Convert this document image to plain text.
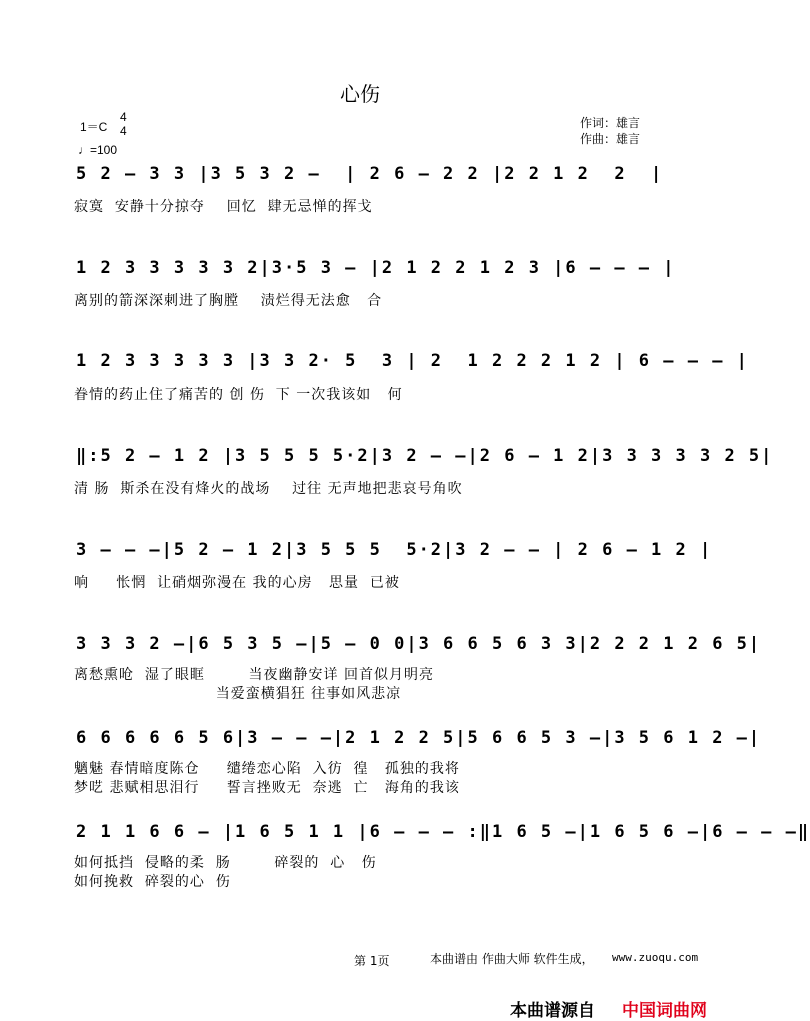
心伤
1＝C
4
4
♩=100
作词：雄言
作曲：雄言
5 2 – 3 3 |3 5 3 2 –  | 2 6 – 2 2 |2 2 1 2  2  |
寂寞  安静十分掠夺    回忆  肆无忌惮的挥戈
1 2 3 3 3 3 3 2|3·5 3 – |2 1 2 2 1 2 3 |6 – – – |
离别的箭深深刺进了胸膛    渍烂得无法愈   合
1 2 3 3 3 3 3 |3 3 2· 5  3 | 2  1 2 2 2 1 2 | 6 – – – |
眷情的药止住了痛苦的 创 伤  下 一次我该如   何
‖:5 2 – 1 2 |3 5 5 5 5·2|3 2 – –|2 6 – 1 2|3 3 3 3 3 2 5|
清 肠  斯杀在没有烽火的战场    过往 无声地把悲哀号角吹
3 – – –|5 2 – 1 2|3 5 5 5  5·2|3 2 – – | 2 6 – 1 2 |
响     怅惘  让硝烟弥漫在 我的心房   思量  已被
3 3 3 2 –|6 5 3 5 –|5 – 0 0|3 6 6 5 6 3 3|2 2 2 1 2 6 5|
离愁熏呛  湿了眼眶        当夜幽静安详 回首似月明亮
当爱蛮横猖狂 往事如风悲凉
6 6 6 6 6 5 6|3 – – –|2 1 2 2 5|5 6 6 5 3 –|3 5 6 1 2 –|
魑魅 春情暗度陈仓     缱绻恋心陷  入彷  徨   孤独的我将
梦呓 悲赋相思泪行     誓言挫败无  奈逃  亡   海角的我该
2 1 1 6 6 – |1 6 5 1 1 |6 – – – :‖1 6 5 –|1 6 5 6 –|6 – – –‖
如何抵挡  侵略的柔  肠        碎裂的  心   伤
如何挽救  碎裂的心  伤
第 1页	本曲谱由 作曲大师 软件生成， www.zuoqu.com
本曲谱源自 中国词曲网
